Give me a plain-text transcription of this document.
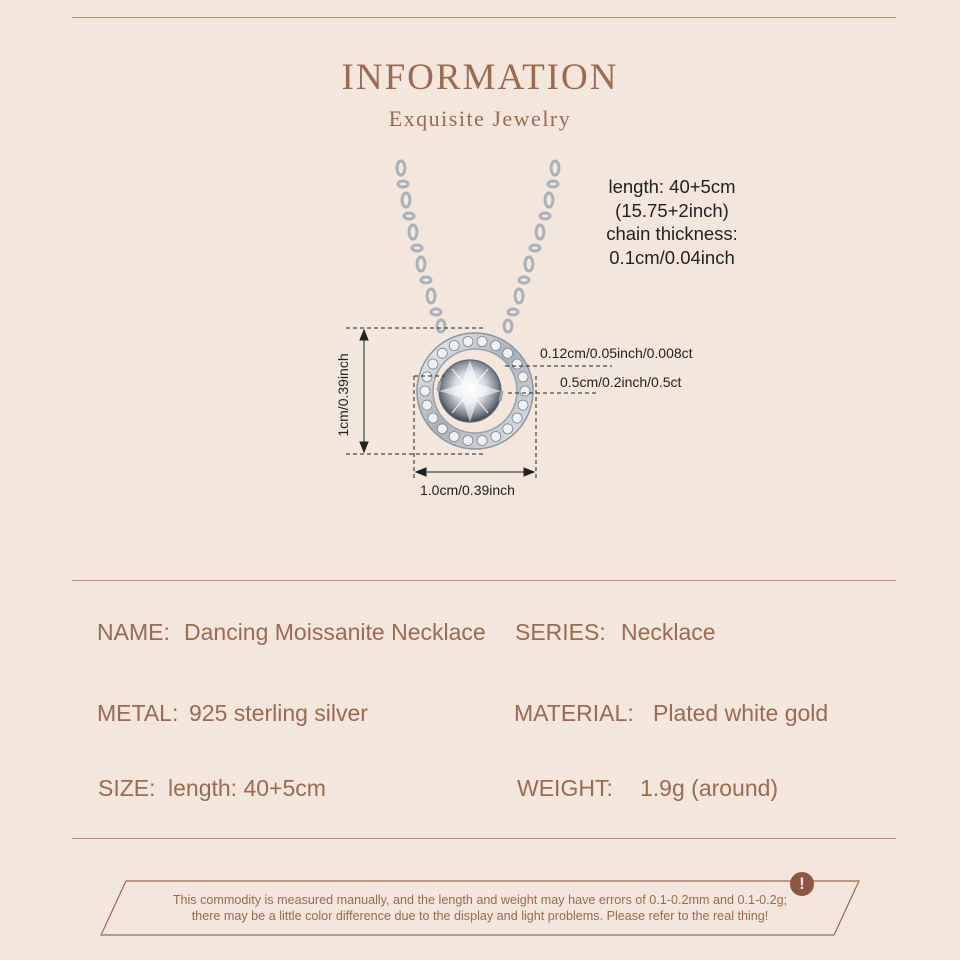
INFORMATION
Exquisite Jewelry
length: 40+5cm
(15.75+2inch)
chain thickness:
0.1cm/0.04inch
0.12cm/0.05inch/0.008ct
0.5cm/0.2inch/0.5ct
1cm/0.39inch
1.0cm/0.39inch
NAME: Dancing Moissanite Necklace SERIES: Necklace
METAL: 925 sterling silver	MATERIAL: Plated white gold
SIZE: length: 40+5cm	WEIGHT: 1.9g (around)
This commodity is measured manually, and the length and weight may have errors of 0.1-0.2mm and 0.1-0.2g;
there may be a little color difference due to the display and light problems. Please refer to the real thing!
!
